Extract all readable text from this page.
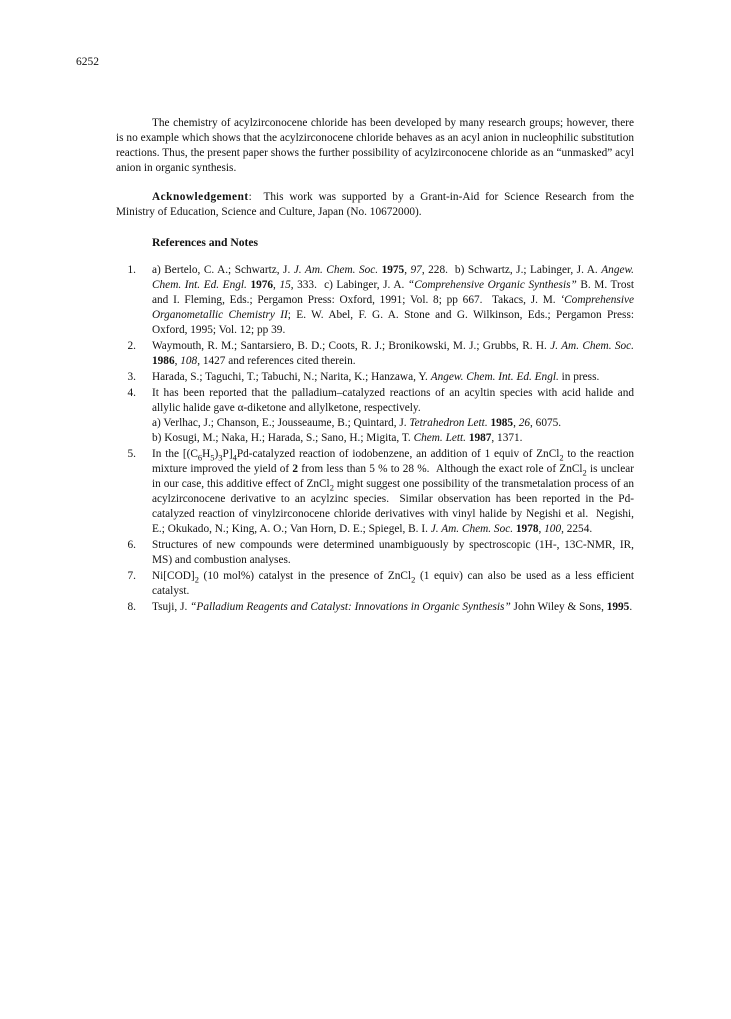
6252

The chemistry of acylzirconocene chloride has been developed by many research groups; however, there is no example which shows that the acylzirconocene chloride behaves as an acyl anion in nucleophilic substitution reactions. Thus, the present paper shows the further possibility of acylzirconocene chloride as an “unmasked” acyl anion in organic synthesis.

Acknowledgement:  This work was supported by a Grant-in-Aid for Science Research from the Ministry of Education, Science and Culture, Japan (No. 10672000).

References and Notes
1. a) Bertelo, C. A.; Schwartz, J. J. Am. Chem. Soc. 1975, 97, 228.  b) Schwartz, J.; Labinger, J. A. Angew. Chem. Int. Ed. Engl. 1976, 15, 333.  c) Labinger, J. A. “Comprehensive Organic Synthesis” B. M. Trost and I. Fleming, Eds.; Pergamon Press: Oxford, 1991; Vol. 8; pp 667.  Takacs, J. M. ‘Comprehensive Organometallic Chemistry II; E. W. Abel, F. G. A. Stone and G. Wilkinson, Eds.; Pergamon Press: Oxford, 1995; Vol. 12; pp 39.
2. Waymouth, R. M.; Santarsiero, B. D.; Coots, R. J.; Bronikowski, M. J.; Grubbs, R. H. J. Am. Chem. Soc. 1986, 108, 1427 and references cited therein.
3. Harada, S.; Taguchi, T.; Tabuchi, N.; Narita, K.; Hanzawa, Y. Angew. Chem. Int. Ed. Engl. in press.
4. It has been reported that the palladium–catalyzed reactions of an acyltin species with acid halide and allylic halide gave α-diketone and allylketone, respectively.
a) Verlhac, J.; Chanson, E.; Jousseaume, B.; Quintard, J. Tetrahedron Lett. 1985, 26, 6075.
b) Kosugi, M.; Naka, H.; Harada, S.; Sano, H.; Migita, T. Chem. Lett. 1987, 1371.
5. In the $[(C_6H_5)_3P]_4Pd$-catalyzed reaction of iodobenzene, an addition of 1 equiv of ZnCl$_2$ to the reaction mixture improved the yield of 2 from less than 5 % to 28 %.  Although the exact role of ZnCl$_2$ is unclear in our case, this additive effect of ZnCl$_2$ might suggest one possibility of the transmetalation process of an acylzirconocene derivative to an acylzinc species.  Similar observation has been reported in the Pd-catalyzed reaction of vinylzirconocene chloride derivatives with vinyl halide by Negishi et al.  Negishi, E.; Okukado, N.; King, A. O.; Van Horn, D. E.; Spiegel, B. I. J. Am. Chem. Soc. 1978, 100, 2254.
6. Structures of new compounds were determined unambiguously by spectroscopic (1H-, 13C-NMR, IR, MS) and combustion analyses.
7. $Ni[COD]_2$ (10 mol%) catalyst in the presence of ZnCl$_2$ (1 equiv) can also be used as a less efficient catalyst.
8. Tsuji, J. “Palladium Reagents and Catalyst: Innovations in Organic Synthesis” John Wiley & Sons, 1995.
